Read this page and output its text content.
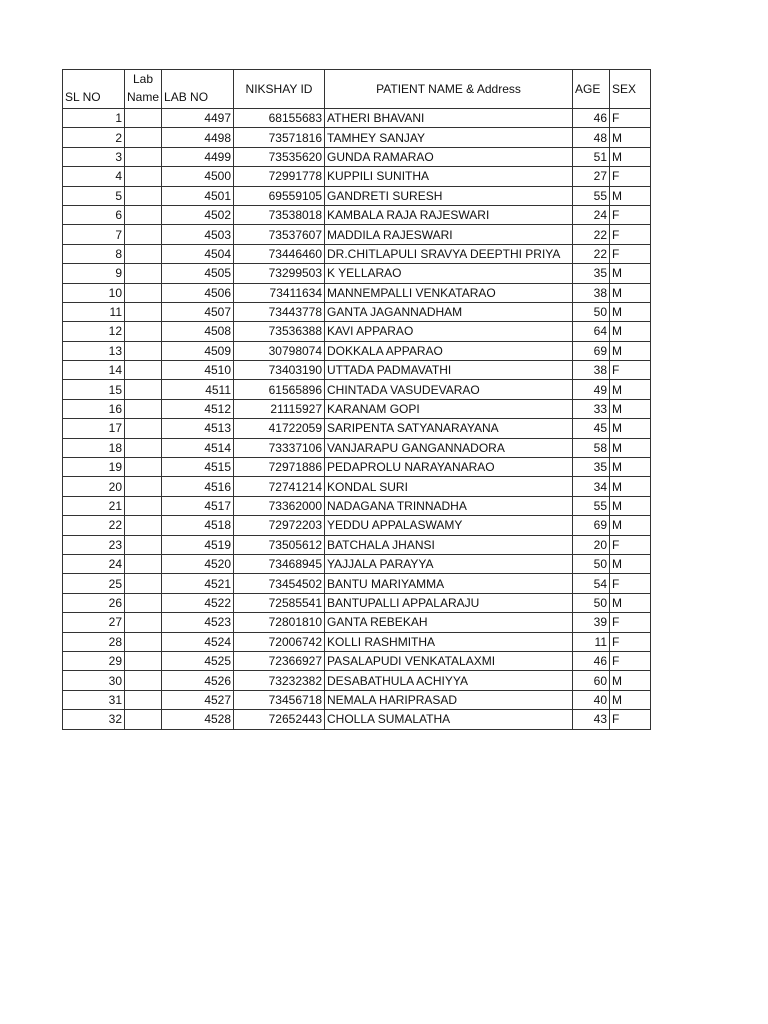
SL NO	Lab Name	LAB NO	NIKSHAY ID	PATIENT NAME & Address	AGE	SEX
1		4497	68155683	ATHERI BHAVANI	46	F
2		4498	73571816	TAMHEY SANJAY	48	M
3		4499	73535620	GUNDA RAMARAO	51	M
4		4500	72991778	KUPPILI SUNITHA	27	F
5		4501	69559105	GANDRETI SURESH	55	M
6		4502	73538018	KAMBALA RAJA RAJESWARI	24	F
7		4503	73537607	MADDILA RAJESWARI	22	F
8		4504	73446460	DR.CHITLAPULI SRAVYA DEEPTHI PRIYA	22	F
9		4505	73299503	K YELLARAO	35	M
10		4506	73411634	MANNEMPALLI VENKATARAO	38	M
11		4507	73443778	GANTA JAGANNADHAM	50	M
12		4508	73536388	KAVI APPARAO	64	M
13		4509	30798074	DOKKALA APPARAO	69	M
14		4510	73403190	UTTADA PADMAVATHI	38	F
15		4511	61565896	CHINTADA VASUDEVARAO	49	M
16		4512	21115927	KARANAM GOPI	33	M
17		4513	41722059	SARIPENTA SATYANARAYANA	45	M
18		4514	73337106	VANJARAPU GANGANNADORA	58	M
19		4515	72971886	PEDAPROLU NARAYANARAO	35	M
20		4516	72741214	KONDAL SURI	34	M
21		4517	73362000	NADAGANA TRINNADHA	55	M
22		4518	72972203	YEDDU APPALASWAMY	69	M
23		4519	73505612	BATCHALA JHANSI	20	F
24		4520	73468945	YAJJALA PARAYYA	50	M
25		4521	73454502	BANTU MARIYAMMA	54	F
26		4522	72585541	BANTUPALLI APPALARAJU	50	M
27		4523	72801810	GANTA REBEKAH	39	F
28		4524	72006742	KOLLI RASHMITHA	11	F
29		4525	72366927	PASALAPUDI VENKATALAXMI	46	F
30		4526	73232382	DESABATHULA ACHIYYA	60	M
31		4527	73456718	NEMALA HARIPRASAD	40	M
32		4528	72652443	CHOLLA SUMALATHA	43	F
